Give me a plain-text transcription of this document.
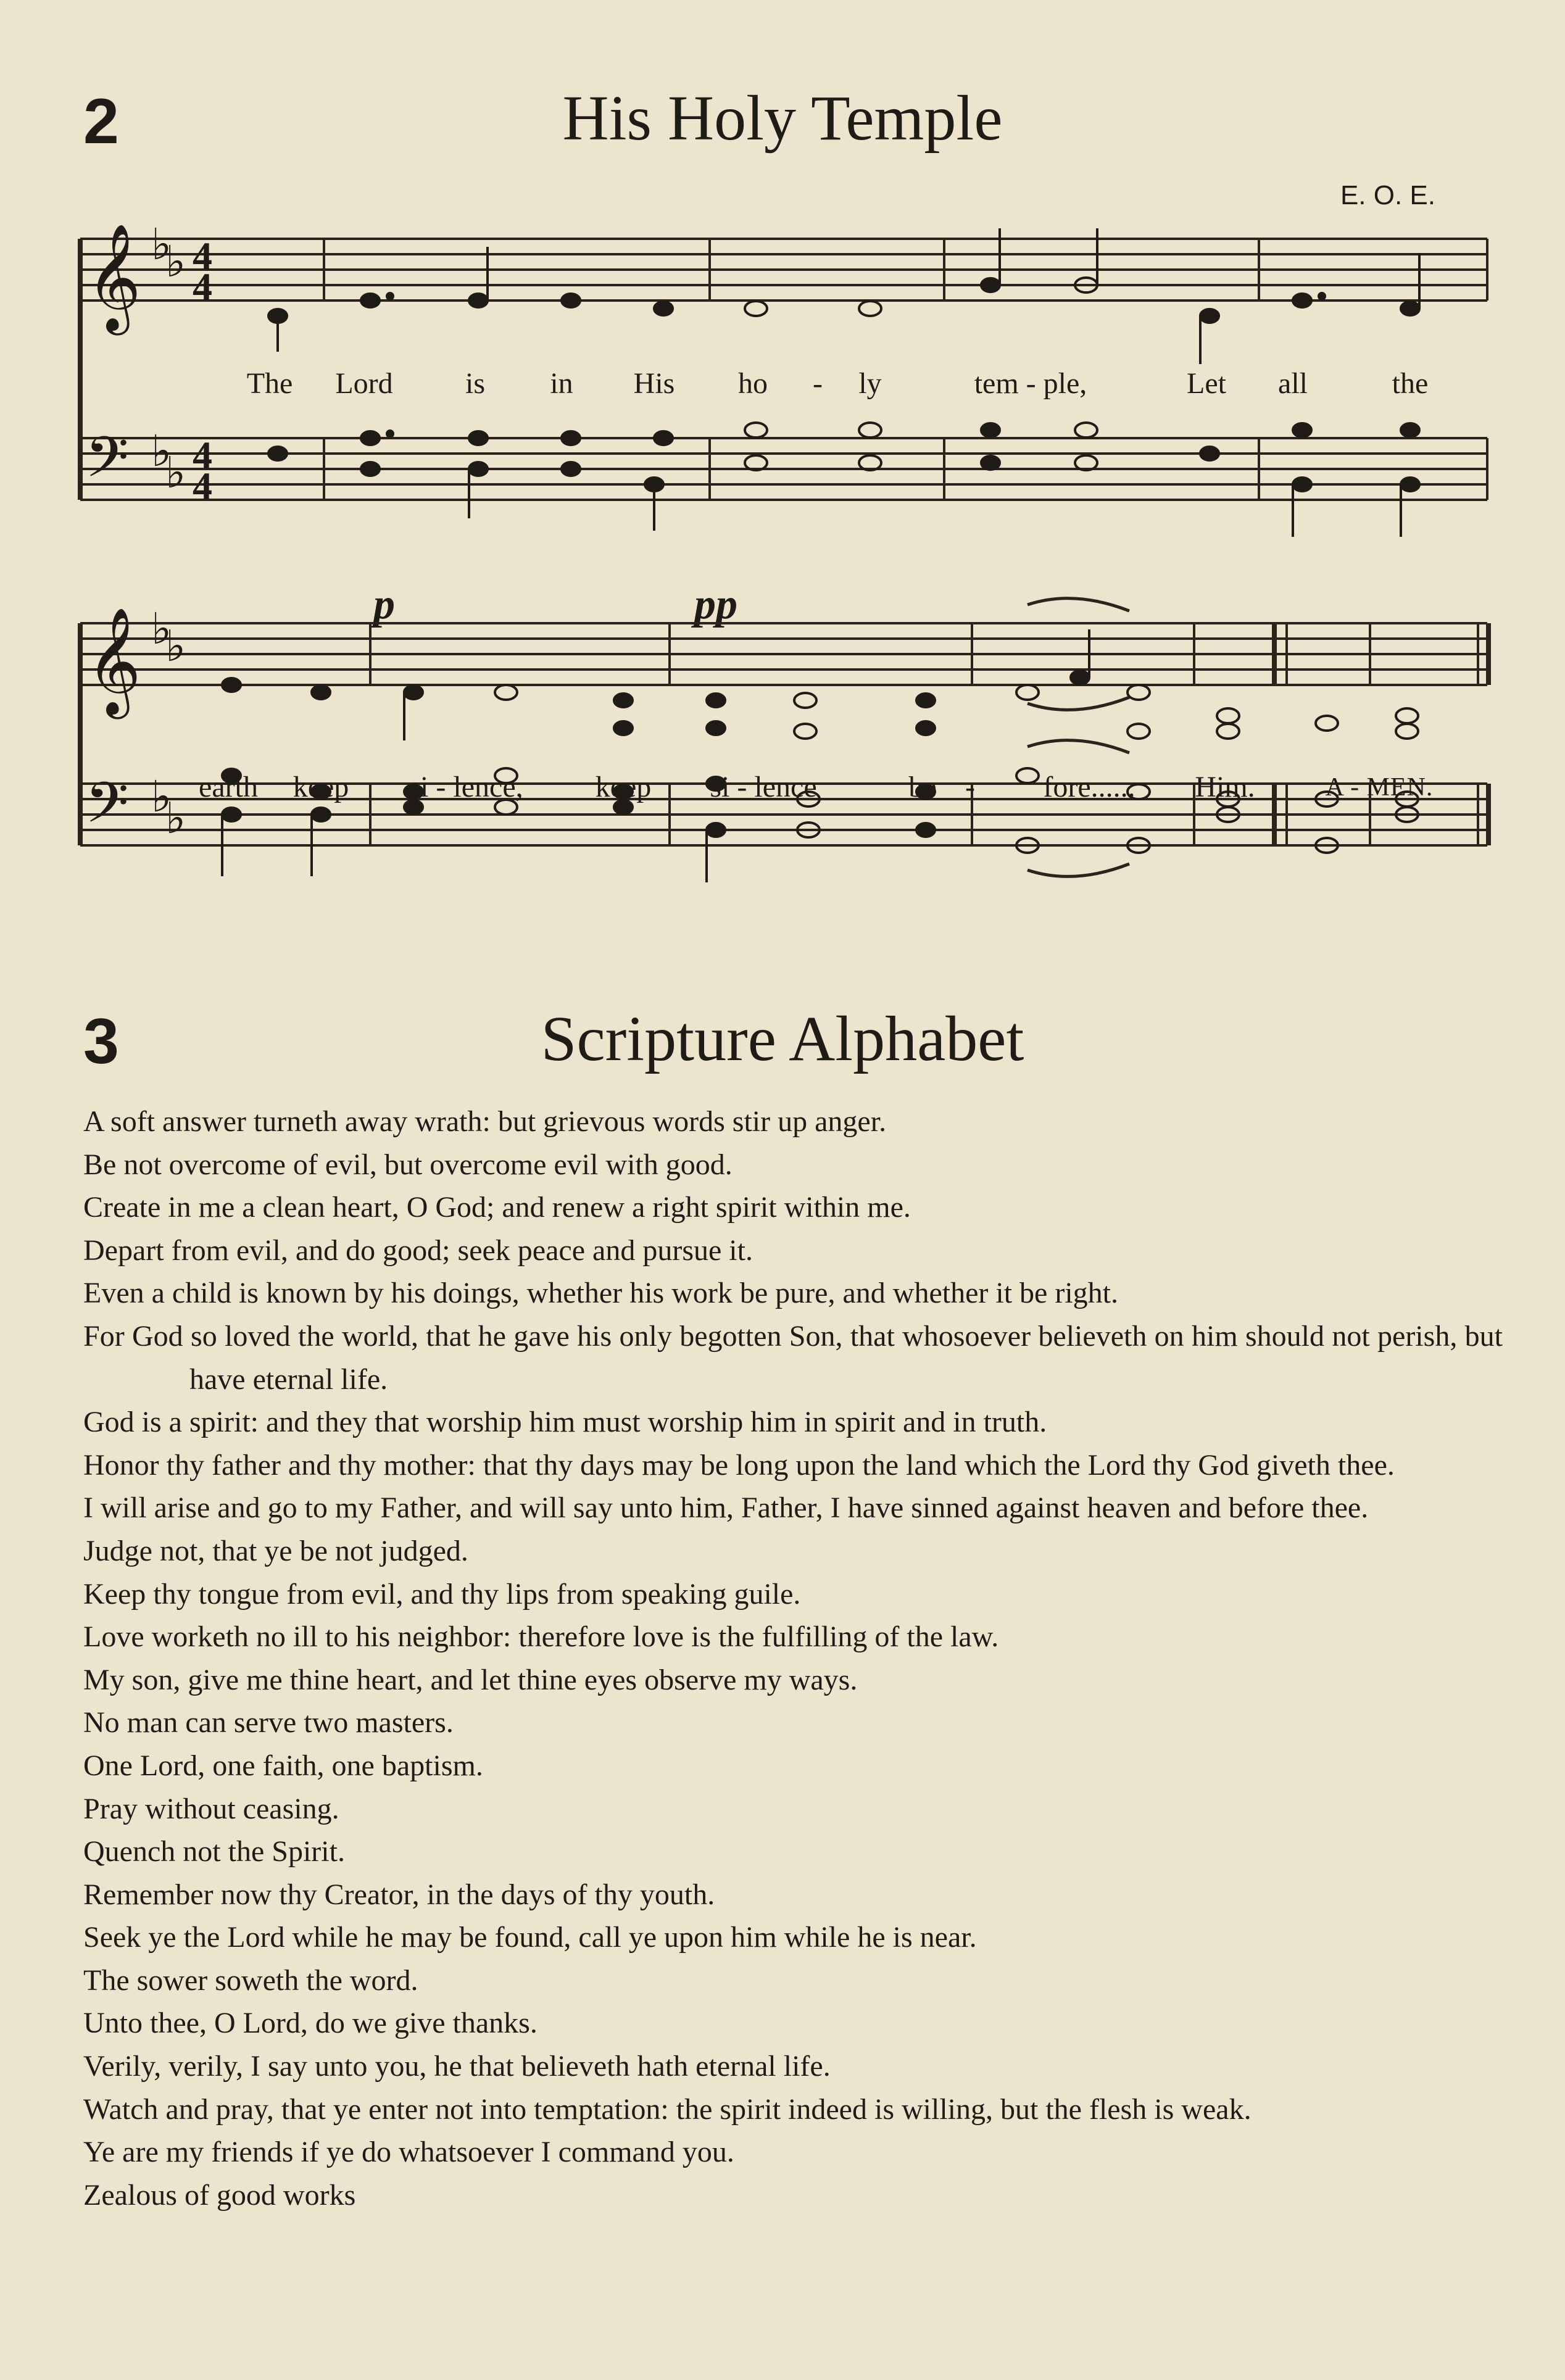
2	His Holy Temple
E. O. E.
𝄞
𝄢
♭
♭
♭
♭
4
4
4
4
The Lord is in His ho - ly	tem - ple,	Let all	the
p	pp
𝄞
𝄢
♭
♭
♭
♭
earth keep si - lence, keep si - lence	be - fore...... Him.	A - MEN.
3	Scripture Alphabet
A soft answer turneth away wrath: but grievous words stir up anger.
Be not overcome of evil, but overcome evil with good.
Create in me a clean heart, O God; and renew a right spirit within me.
Depart from evil, and do good; seek peace and pursue it.
Even a child is known by his doings, whether his work be pure, and whether it be right.
For God so loved the world, that he gave his only begotten Son, that whosoever believeth on him should not perish, but have eternal life.
God is a spirit: and they that worship him must worship him in spirit and in truth.
Honor thy father and thy mother: that thy days may be long upon the land which the Lord thy God giveth thee.
I will arise and go to my Father, and will say unto him, Father, I have sinned against heaven and before thee.
Judge not, that ye be not judged.
Keep thy tongue from evil, and thy lips from speaking guile.
Love worketh no ill to his neighbor: therefore love is the fulfilling of the law.
My son, give me thine heart, and let thine eyes observe my ways.
No man can serve two masters.
One Lord, one faith, one baptism.
Pray without ceasing.
Quench not the Spirit.
Remember now thy Creator, in the days of thy youth.
Seek ye the Lord while he may be found, call ye upon him while he is near.
The sower soweth the word.
Unto thee, O Lord, do we give thanks.
Verily, verily, I say unto you, he that believeth hath eternal life.
Watch and pray, that ye enter not into temptation: the spirit indeed is willing, but the flesh is weak.
Ye are my friends if ye do whatsoever I command you.
Zealous of good works
